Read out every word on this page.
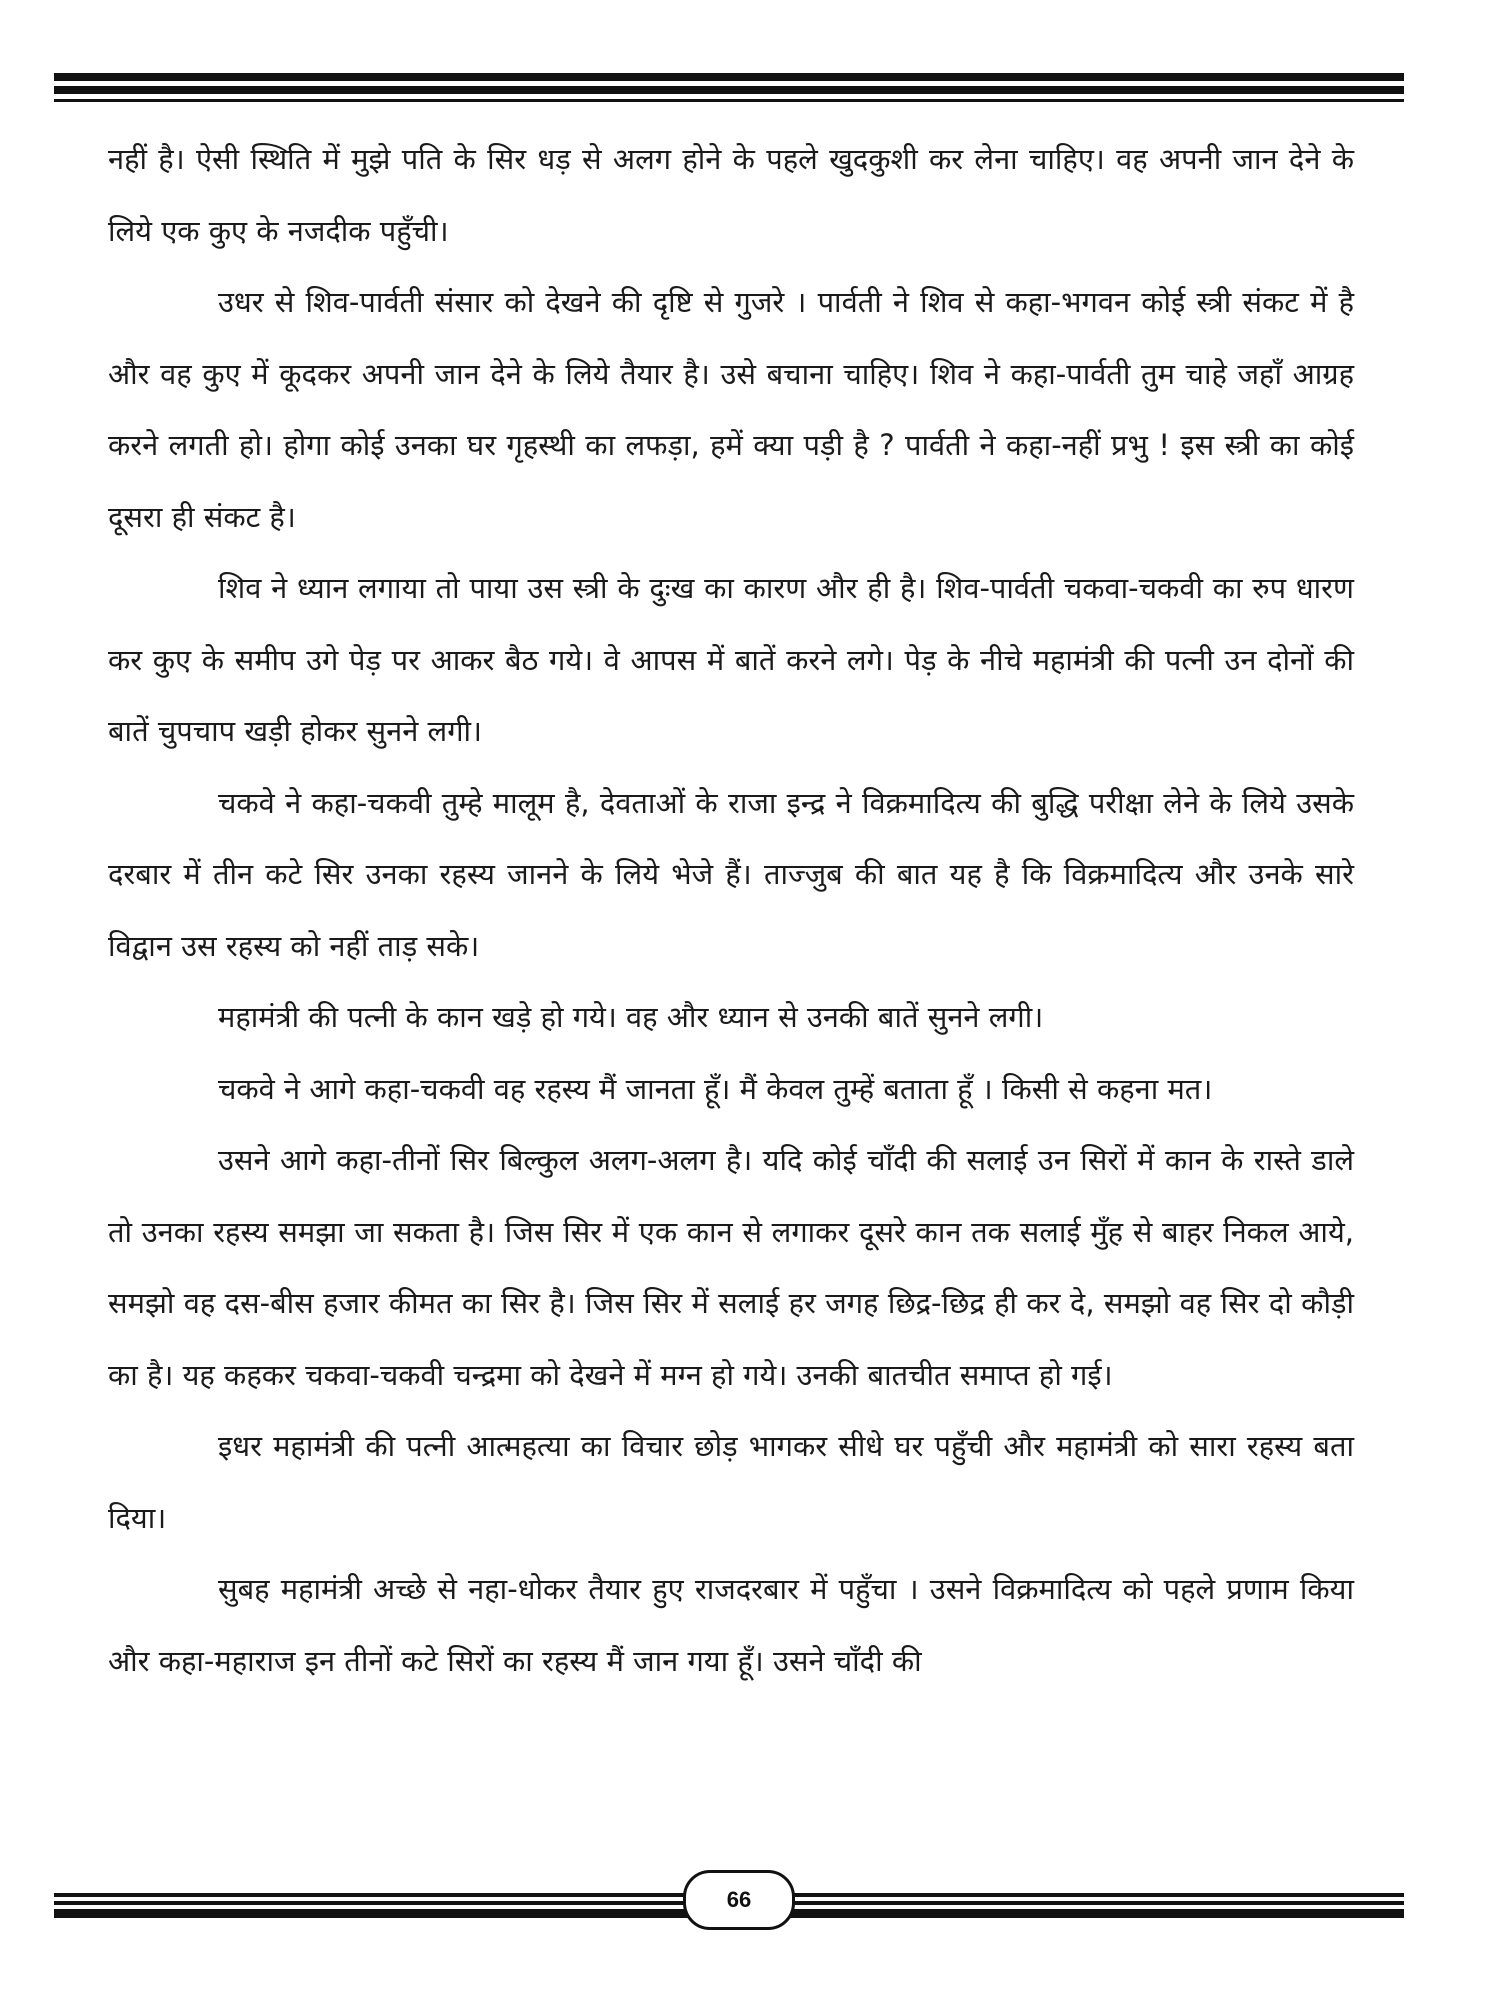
नहीं है। ऐसी स्थिति में मुझे पति के सिर धड़ से अलग होने के पहले खुदकुशी कर लेना चाहिए। वह अपनी जान देने के लिये एक कुए के नजदीक पहुँची।

उधर से शिव-पार्वती संसार को देखने की दृष्टि से गुजरे । पार्वती ने शिव से कहा-भगवन कोई स्त्री संकट में है और वह कुए में कूदकर अपनी जान देने के लिये तैयार है। उसे बचाना चाहिए। शिव ने कहा-पार्वती तुम चाहे जहाँ आग्रह करने लगती हो। होगा कोई उनका घर गृहस्थी का लफड़ा, हमें क्या पड़ी है ? पार्वती ने कहा-नहीं प्रभु ! इस स्त्री का कोई दूसरा ही संकट है।

शिव ने ध्यान लगाया तो पाया उस स्त्री के दुःख का कारण और ही है। शिव-पार्वती चकवा-चकवी का रुप धारण कर कुए के समीप उगे पेड़ पर आकर बैठ गये। वे आपस में बातें करने लगे। पेड़ के नीचे महामंत्री की पत्नी उन दोनों की बातें चुपचाप खड़ी होकर सुनने लगी।

चकवे ने कहा-चकवी तुम्हे मालूम है, देवताओं के राजा इन्द्र ने विक्रमादित्य की बुद्धि परीक्षा लेने के लिये उसके दरबार में तीन कटे सिर उनका रहस्य जानने के लिये भेजे हैं। ताज्जुब की बात यह है कि विक्रमादित्य और उनके सारे विद्वान उस रहस्य को नहीं ताड़ सके।

महामंत्री की पत्नी के कान खड़े हो गये। वह और ध्यान से उनकी बातें सुनने लगी।

चकवे ने आगे कहा-चकवी वह रहस्य मैं जानता हूँ। मैं केवल तुम्हें बताता हूँ । किसी से कहना मत।

उसने आगे कहा-तीनों सिर बिल्कुल अलग-अलग है। यदि कोई चाँदी की सलाई उन सिरों में कान के रास्ते डाले तो उनका रहस्य समझा जा सकता है। जिस सिर में एक कान से लगाकर दूसरे कान तक सलाई मुँह से बाहर निकल आये, समझो वह दस-बीस हजार कीमत का सिर है। जिस सिर में सलाई हर जगह छिद्र-छिद्र ही कर दे, समझो वह सिर दो कौड़ी का है। यह कहकर चकवा-चकवी चन्द्रमा को देखने में मग्न हो गये। उनकी बातचीत समाप्त हो गई।

इधर महामंत्री की पत्नी आत्महत्या का विचार छोड़ भागकर सीधे घर पहुँची और महामंत्री को सारा रहस्य बता दिया।

सुबह महामंत्री अच्छे से नहा-धोकर तैयार हुए राजदरबार में पहुँचा । उसने विक्रमादित्य को पहले प्रणाम किया और कहा-महाराज इन तीनों कटे सिरों का रहस्य मैं जान गया हूँ। उसने चाँदी की

66
